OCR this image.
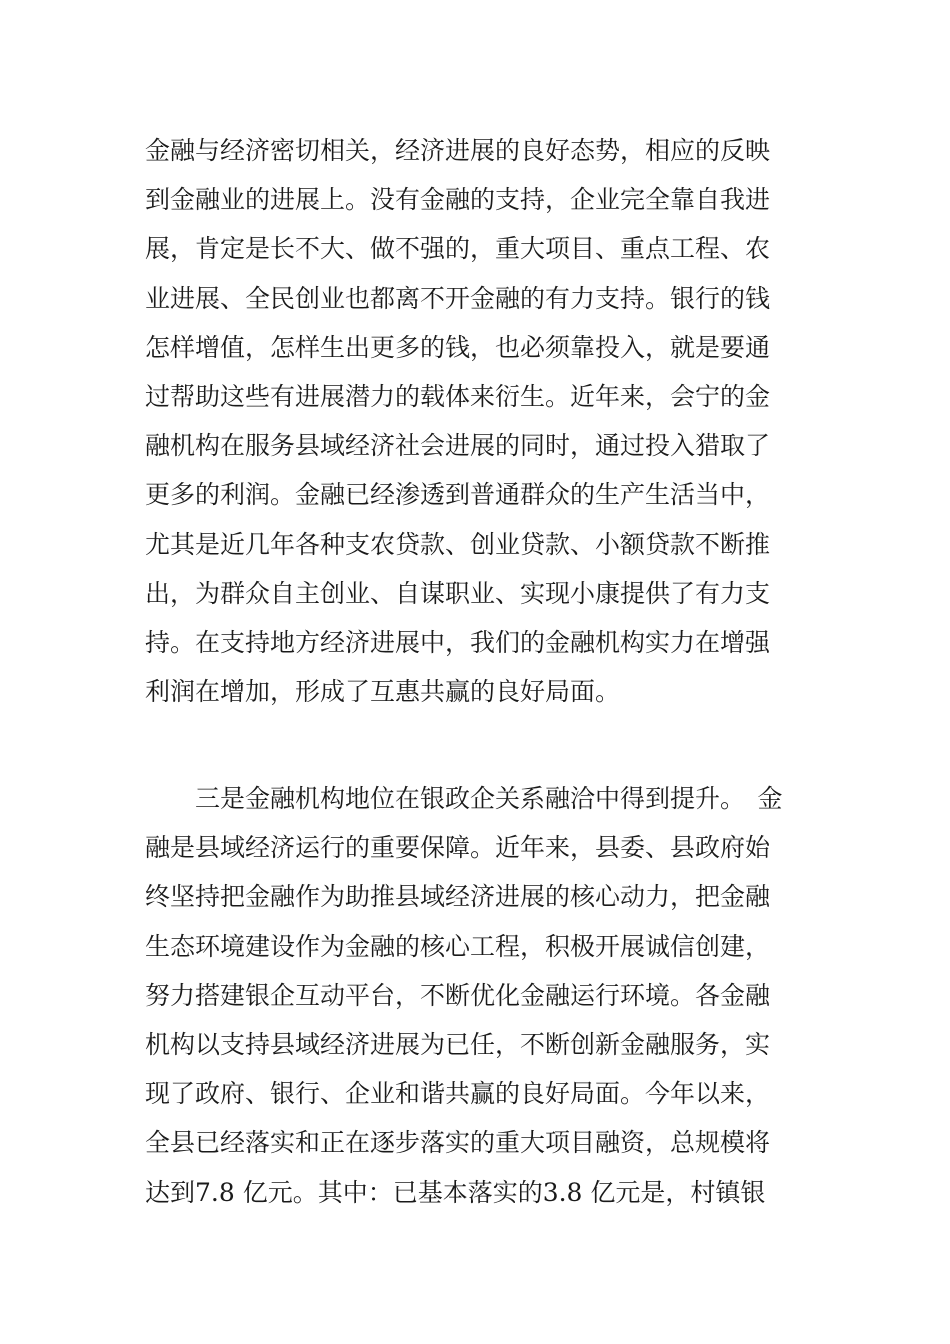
金融与经济密切相关，经济进展的良好态势，相应的反映
到金融业的进展上。没有金融的支持，企业完全靠自我进
展，肯定是长不大、做不强的，重大项目、重点工程、农
业进展、全民创业也都离不开金融的有力支持。银行的钱
怎样增值，怎样生出更多的钱，也必须靠投入，就是要通
过帮助这些有进展潜力的载体来衍生。近年来，会宁的金
融机构在服务县域经济社会进展的同时，通过投入猎取了
更多的利润。金融已经渗透到普通群众的生产生活当中，
尤其是近几年各种支农贷款、创业贷款、小额贷款不断推
出，为群众自主创业、自谋职业、实现小康提供了有力支
持。在支持地方经济进展中，我们的金融机构实力在增强
利润在增加，形成了互惠共赢的良好局面。
　　三是金融机构地位在银政企关系融洽中得到提升。　金
融是县域经济运行的重要保障。近年来，县委、县政府始
终坚持把金融作为助推县域经济进展的核心动力，把金融
生态环境建设作为金融的核心工程，积极开展诚信创建，
努力搭建银企互动平台，不断优化金融运行环境。各金融
机构以支持县域经济进展为已任，不断创新金融服务，实
现了政府、银行、企业和谐共赢的良好局面。今年以来，
全县已经落实和正在逐步落实的重大项目融资，总规模将
达到7.8 亿元。其中：已基本落实的3.8 亿元是，村镇银
